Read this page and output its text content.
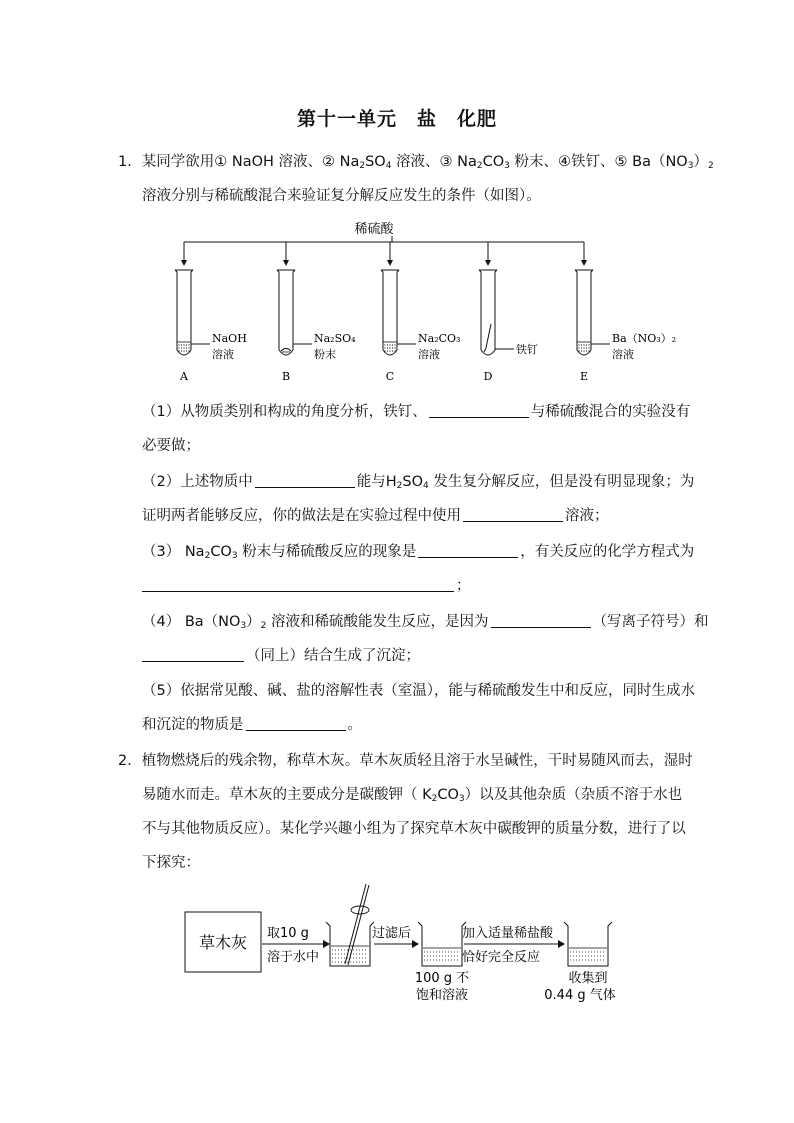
第十一单元　盐　化肥
1．某同学欲用① NaOH 溶液、② $Na_2SO_4$ 溶液、③ $Na_2CO_3$ 粉末、④铁钉、⑤ $Ba(NO_3)_2$
溶液分别与稀硫酸混合来验证复分解反应发生的条件（如图）。
稀硫酸
NaOH
溶液
A
Na₂SO₄
粉末
B
Na₂CO₃
溶液
C
铁钉
D
Ba（NO₃）₂
溶液
E
（1）从物质类别和构成的角度分析，铁钉、	与稀硫酸混合的实验没有
必要做；
（2）上述物质中	能与$H_2SO_4$ 发生复分解反应，但是没有明显现象；为
证明两者能够反应，你的做法是在实验过程中使用	溶液；
（3） $Na_2CO_3$ 粉末与稀硫酸反应的现象是	，有关反应的化学方程式为
；
（4） $Ba(NO_3)_2$ 溶液和稀硫酸能发生反应，是因为	（写离子符号）和
（同上）结合生成了沉淀；
（5）依据常见酸、碱、盐的溶解性表（室温），能与稀硫酸发生中和反应，同时生成水
和沉淀的物质是	。
2．植物燃烧后的残余物，称草木灰。草木灰质轻且溶于水呈碱性，干时易随风而去，湿时
易随水而走。草木灰的主要成分是碳酸钾（ $K_2CO_3$）以及其他杂质（杂质不溶于水也
不与其他物质反应）。某化学兴趣小组为了探究草木灰中碳酸钾的质量分数，进行了以
下探究：
草木灰 取10 g
溶于水中
过滤后
100 g 不
饱和溶液
加入适量稀盐酸
恰好完全反应
收集到
0.44 g 气体
